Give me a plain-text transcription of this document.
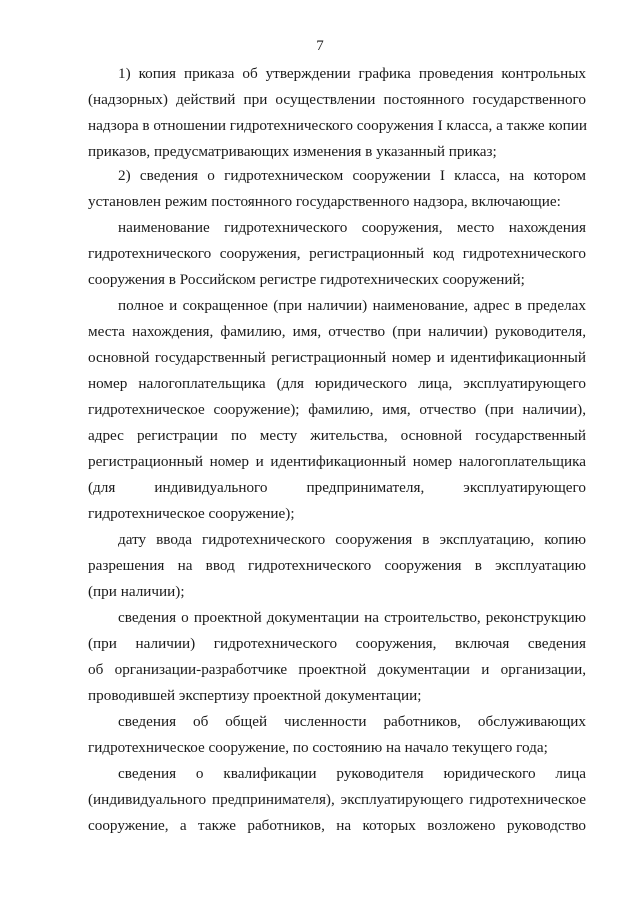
7
1) копия приказа об утверждении графика проведения контрольных
(надзорных) действий при осуществлении постоянного государственного
надзора в отношении гидротехнического сооружения I класса, а также копии
приказов, предусматривающих изменения в указанный приказ;
2) сведения о гидротехническом сооружении I класса, на котором
установлен режим постоянного государственного надзора, включающие:
наименование гидротехнического сооружения, место нахождения
гидротехнического сооружения, регистрационный код гидротехнического
сооружения в Российском регистре гидротехнических сооружений;
полное и сокращенное (при наличии) наименование, адрес в пределах
места нахождения, фамилию, имя, отчество (при наличии) руководителя,
основной государственный регистрационный номер и идентификационный
номер налогоплательщика (для юридического лица, эксплуатирующего
гидротехническое сооружение); фамилию, имя, отчество (при наличии),
адрес регистрации по месту жительства, основной государственный
регистрационный номер и идентификационный номер налогоплательщика
(для индивидуального предпринимателя, эксплуатирующего
гидротехническое сооружение);
дату ввода гидротехнического сооружения в эксплуатацию, копию
разрешения на ввод гидротехнического сооружения в эксплуатацию
(при наличии);
сведения о проектной документации на строительство, реконструкцию
(при наличии) гидротехнического сооружения, включая сведения
об организации-разработчике проектной документации и организации,
проводившей экспертизу проектной документации;
сведения об общей численности работников, обслуживающих
гидротехническое сооружение, по состоянию на начало текущего года;
сведения о квалификации руководителя юридического лица
(индивидуального предпринимателя), эксплуатирующего гидротехническое
сооружение, а также работников, на которых возложено руководство
